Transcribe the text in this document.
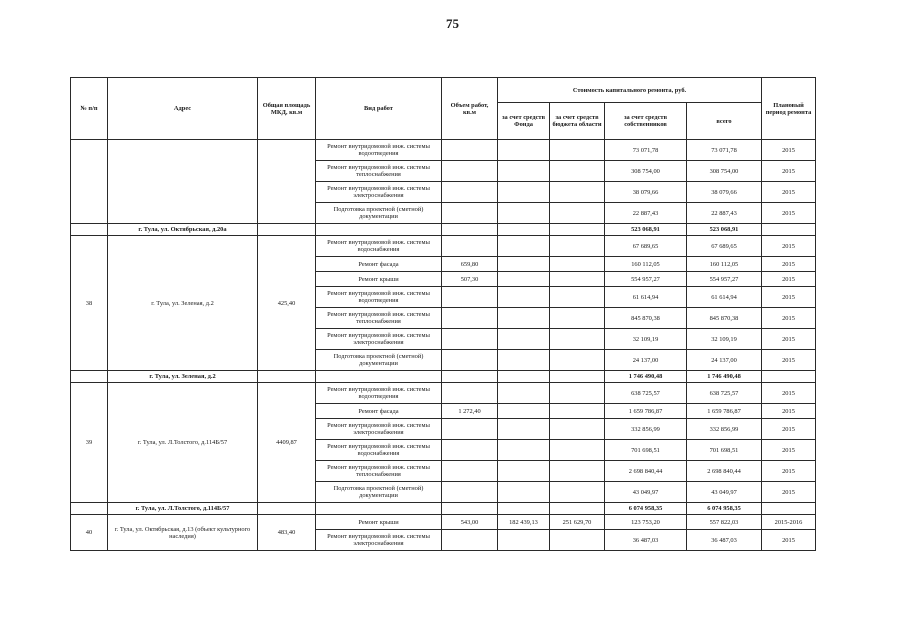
75
№ п/п	Адрес	Общая площадь МКД, кв.м	Вид работ	Объем работ, кв.м	Стоимость капитального ремонта, руб.				Плановый период ремонта
					за счет средств Фонда	за счет средств бюджета области	за счет средств собственников	всего	
			Ремонт внутридомовой инж. системы водоотведения				73 071,78	73 071,78	2015
			Ремонт внутридомовой инж. системы теплоснабжения				308 754,00	308 754,00	2015
			Ремонт внутридомовой инж. системы электроснабжения				38 079,66	38 079,66	2015
			Подготовка проектной (сметной) документации				22 887,43	22 887,43	2015
	г. Тула, ул. Октябрьская, д.20а						523 068,91	523 068,91	
38	г. Тула, ул. Зеленая, д.2	425,40	Ремонт внутридомовой инж. системы водоснабжения				67 689,65	67 689,65	2015
			Ремонт фасада	659,80			160 112,05	160 112,05	2015
			Ремонт крыши	507,30			554 957,27	554 957,27	2015
			Ремонт внутридомовой инж. системы водоотведения				61 614,94	61 614,94	2015
			Ремонт внутридомовой инж. системы теплоснабжения				845 870,38	845 870,38	2015
			Ремонт внутридомовой инж. системы электроснабжения				32 109,19	32 109,19	2015
			Подготовка проектной (сметной) документации				24 137,00	24 137,00	2015
	г. Тула, ул. Зеленая, д.2						1 746 490,48	1 746 490,48	
39	г. Тула, ул. Л.Толстого, д.114Б/57	4409,87	Ремонт внутридомовой инж. системы водоотведения				638 725,57	638 725,57	2015
			Ремонт фасада	1 272,40			1 659 786,87	1 659 786,87	2015
			Ремонт внутридомовой инж. системы электроснабжения				332 856,99	332 856,99	2015
			Ремонт внутридомовой инж. системы водоснабжения				701 698,51	701 698,51	2015
			Ремонт внутридомовой инж. системы теплоснабжения				2 698 840,44	2 698 840,44	2015
			Подготовка проектной (сметной) документации				43 049,97	43 049,97	2015
	г. Тула, ул. Л.Толстого, д.114Б/57						6 074 958,35	6 074 958,35	
40	г. Тула, ул. Октябрьская, д.13 (объект культурного наследия)	483,40	Ремонт крыши	543,00	182 439,13	251 629,70	123 753,20	557 822,03	2015-2016
			Ремонт внутридомовой инж. системы электроснабжения				36 487,03	36 487,03	2015
